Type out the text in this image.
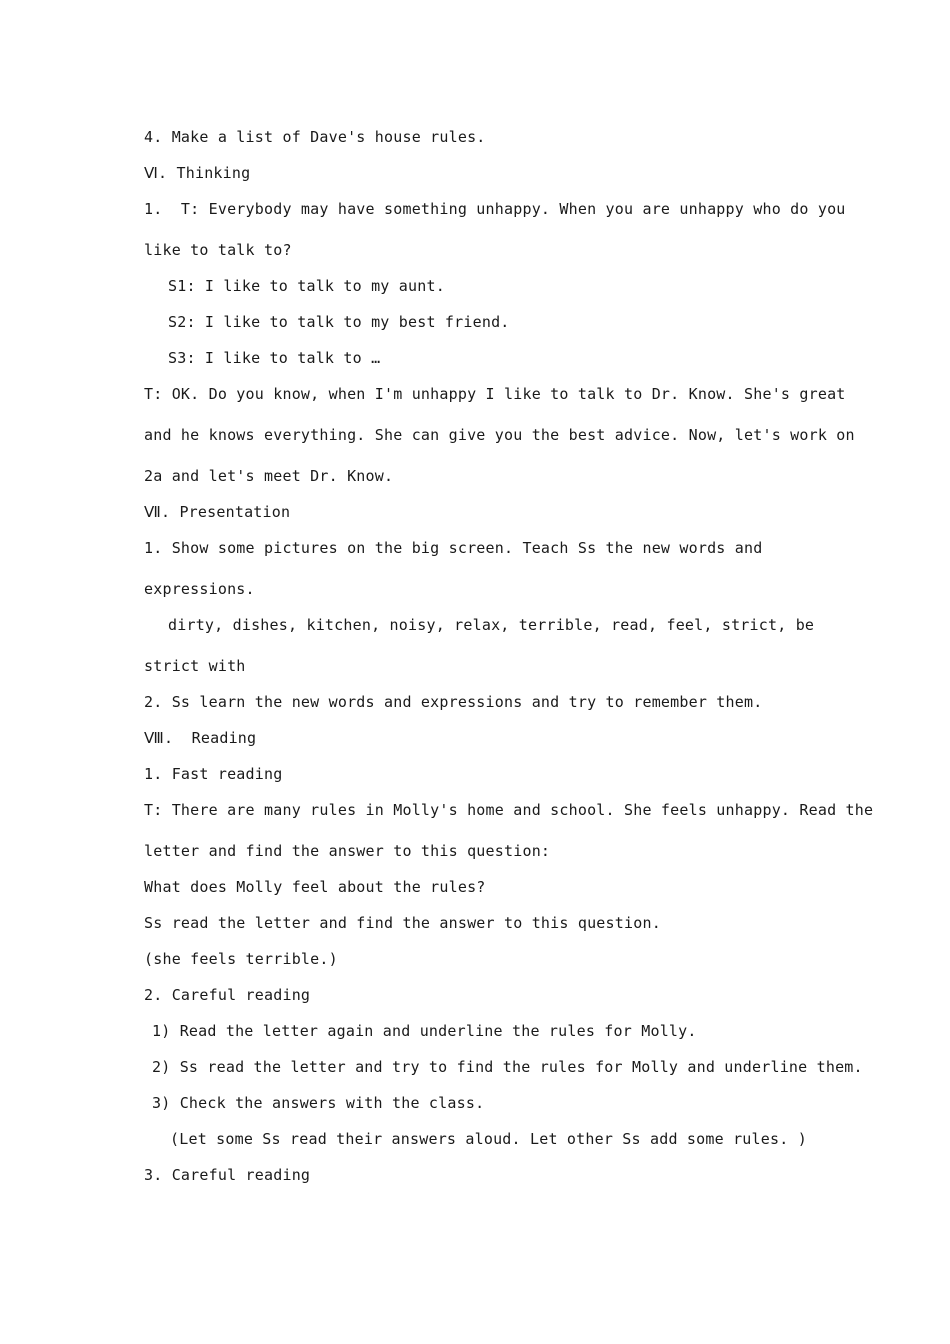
4. Make a list of Dave's house rules.
Ⅵ. Thinking
1.  T: Everybody may have something unhappy. When you are unhappy who do you
like to talk to?
S1: I like to talk to my aunt.
S2: I like to talk to my best friend.
S3: I like to talk to …
T: OK. Do you know, when I'm unhappy I like to talk to Dr. Know. She's great
and he knows everything. She can give you the best advice. Now, let's work on
2a and let's meet Dr. Know.
Ⅶ. Presentation
1. Show some pictures on the big screen. Teach Ss the new words and
expressions.
dirty, dishes, kitchen, noisy, relax, terrible, read, feel, strict, be
strict with
2. Ss learn the new words and expressions and try to remember them.
Ⅷ.  Reading
1. Fast reading
T: There are many rules in Molly's home and school. She feels unhappy. Read the
letter and find the answer to this question:
What does Molly feel about the rules?
Ss read the letter and find the answer to this question.
(she feels terrible.)
2. Careful reading
1) Read the letter again and underline the rules for Molly.
2) Ss read the letter and try to find the rules for Molly and underline them.
3) Check the answers with the class.
(Let some Ss read their answers aloud. Let other Ss add some rules. )
3. Careful reading
